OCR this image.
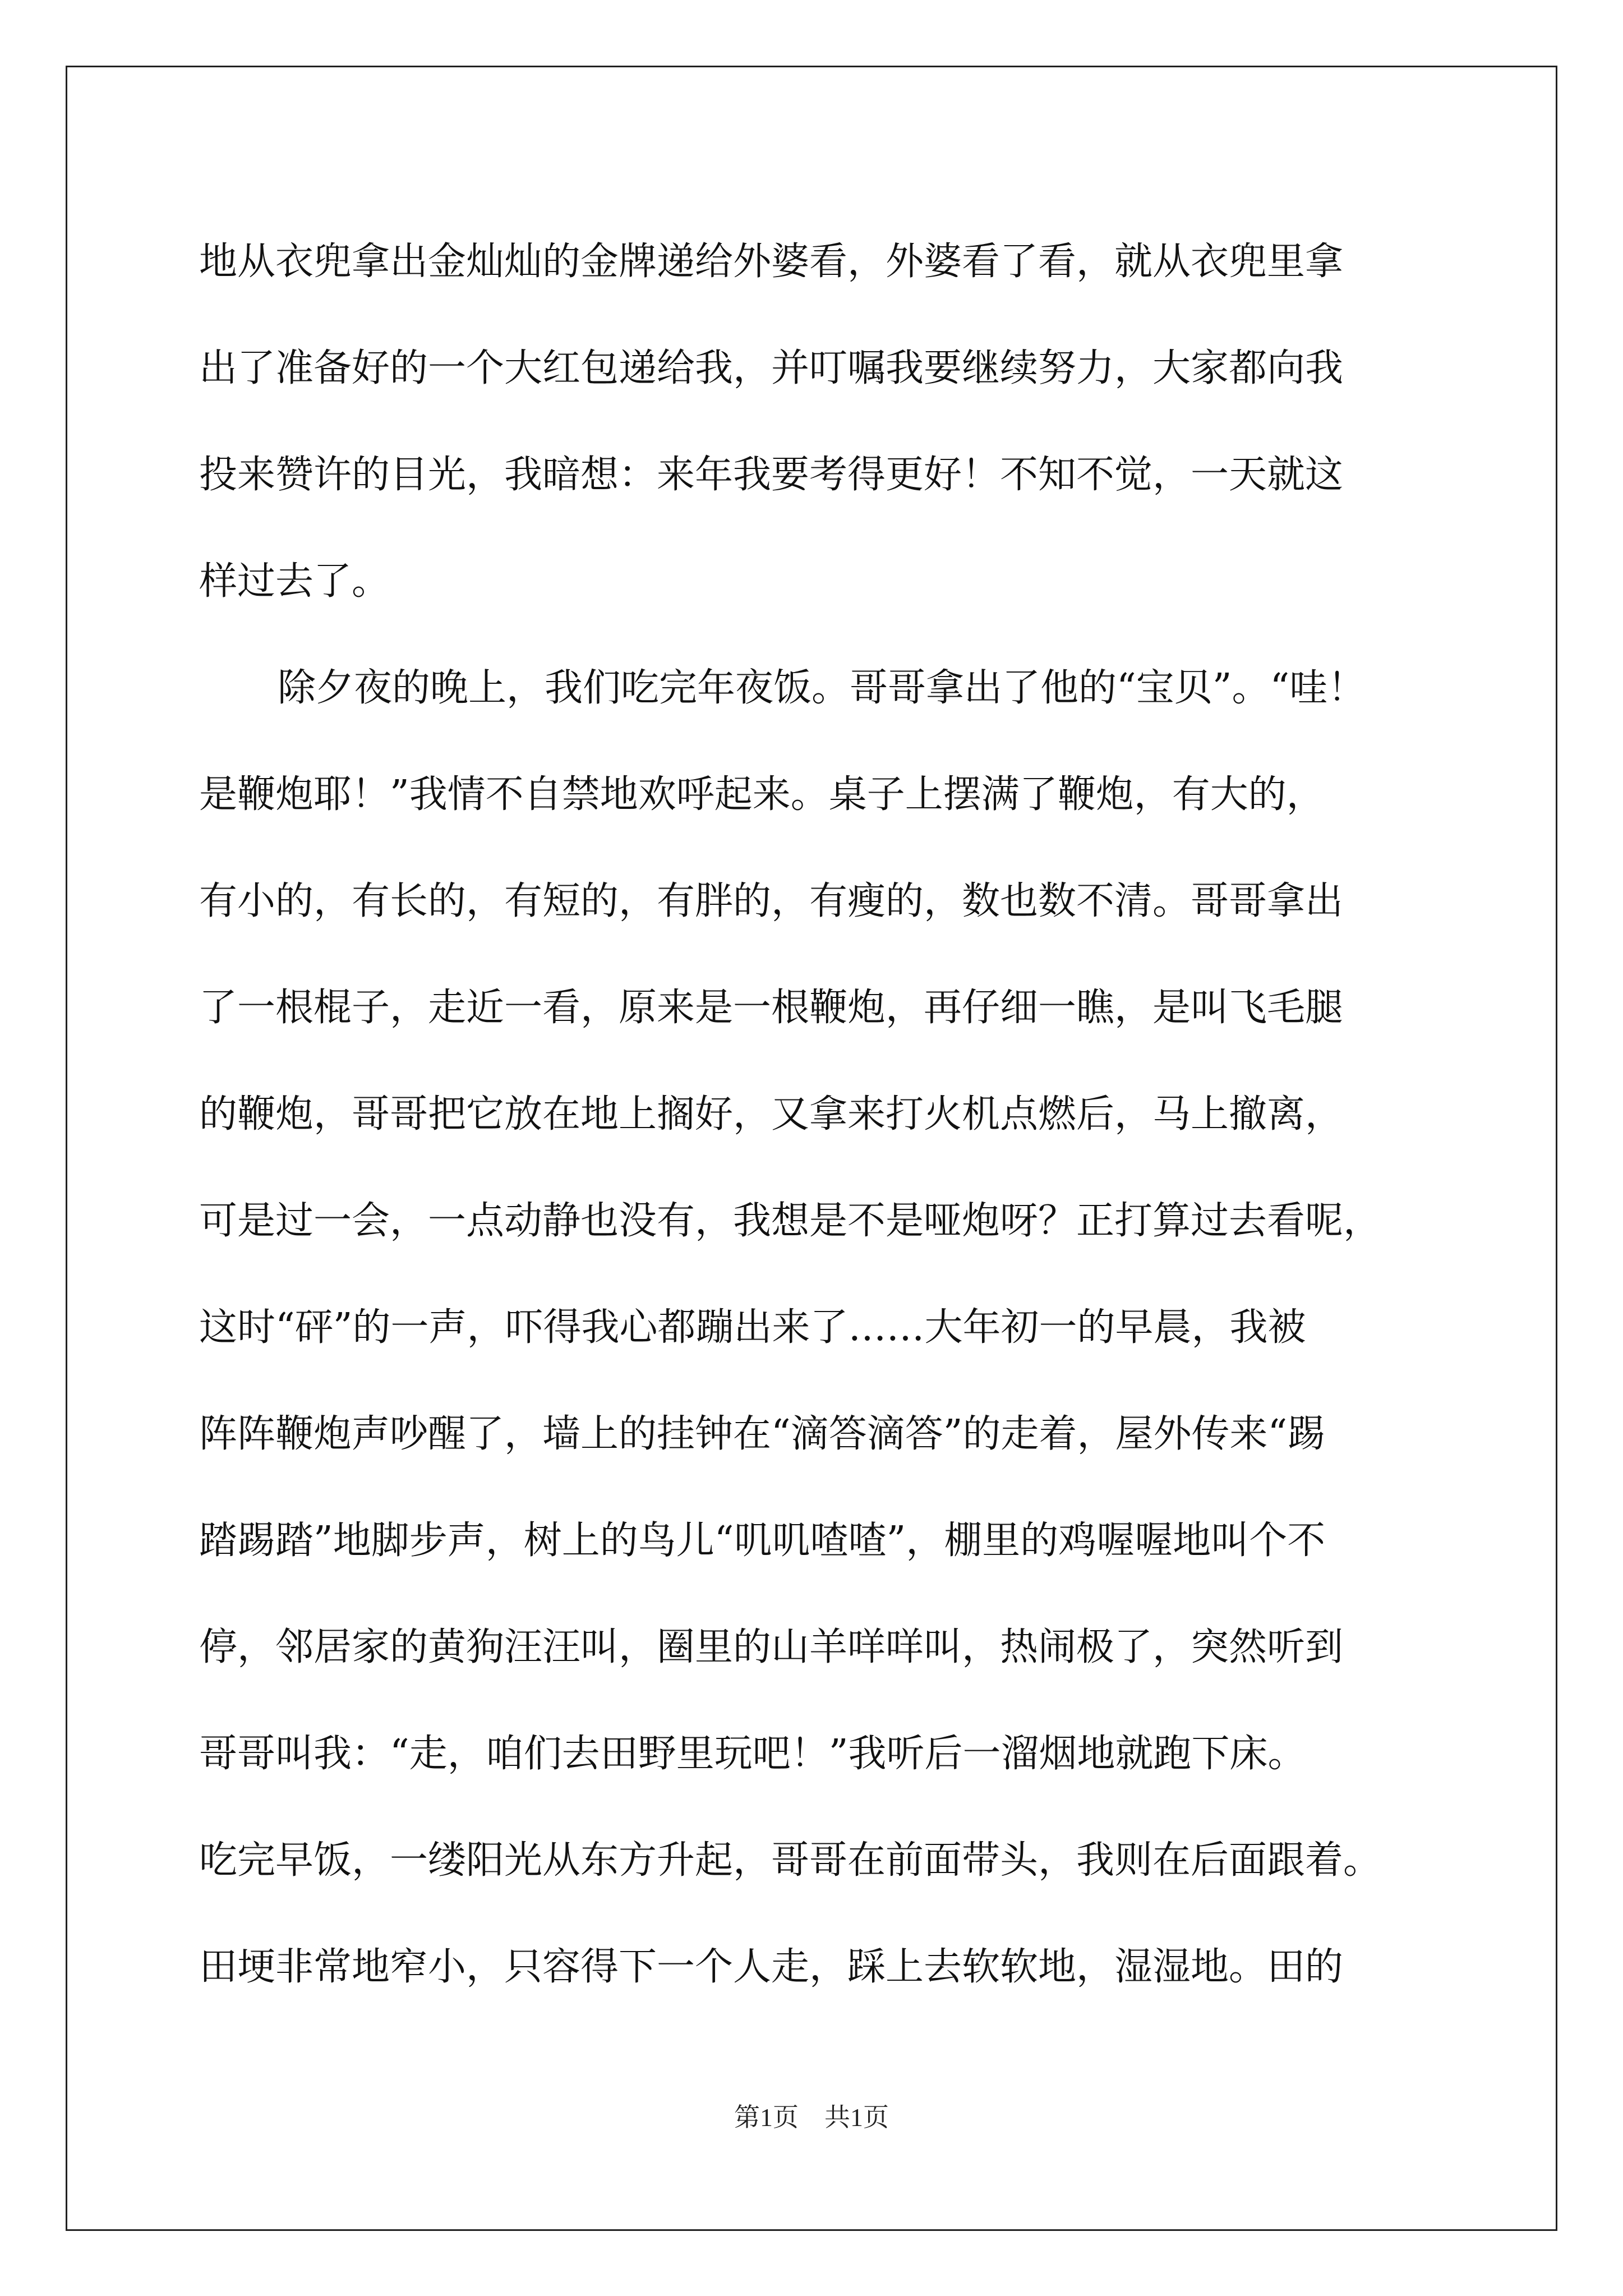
地从衣兜拿出金灿灿的金牌递给外婆看，外婆看了看，就从衣兜里拿
出了准备好的一个大红包递给我，并叮嘱我要继续努力，大家都向我
投来赞许的目光，我暗想：来年我要考得更好！不知不觉，一天就这
样过去了。
除夕夜的晚上，我们吃完年夜饭。哥哥拿出了他的“宝贝”。“哇！
是鞭炮耶！”我情不自禁地欢呼起来。桌子上摆满了鞭炮，有大的，
有小的，有长的，有短的，有胖的，有瘦的，数也数不清。哥哥拿出
了一根棍子，走近一看，原来是一根鞭炮，再仔细一瞧，是叫飞毛腿
的鞭炮，哥哥把它放在地上搁好，又拿来打火机点燃后，马上撤离，
可是过一会，一点动静也没有，我想是不是哑炮呀？正打算过去看呢，
这时“砰”的一声，吓得我心都蹦出来了……大年初一的早晨，我被
阵阵鞭炮声吵醒了，墙上的挂钟在“滴答滴答”的走着，屋外传来“踢
踏踢踏”地脚步声，树上的鸟儿“叽叽喳喳”，棚里的鸡喔喔地叫个不
停，邻居家的黄狗汪汪叫，圈里的山羊咩咩叫，热闹极了，突然听到
哥哥叫我：“走，咱们去田野里玩吧！”我听后一溜烟地就跑下床。
吃完早饭，一缕阳光从东方升起，哥哥在前面带头，我则在后面跟着。
田埂非常地窄小，只容得下一个人走，踩上去软软地，湿湿地。田的
第1页　共1页
